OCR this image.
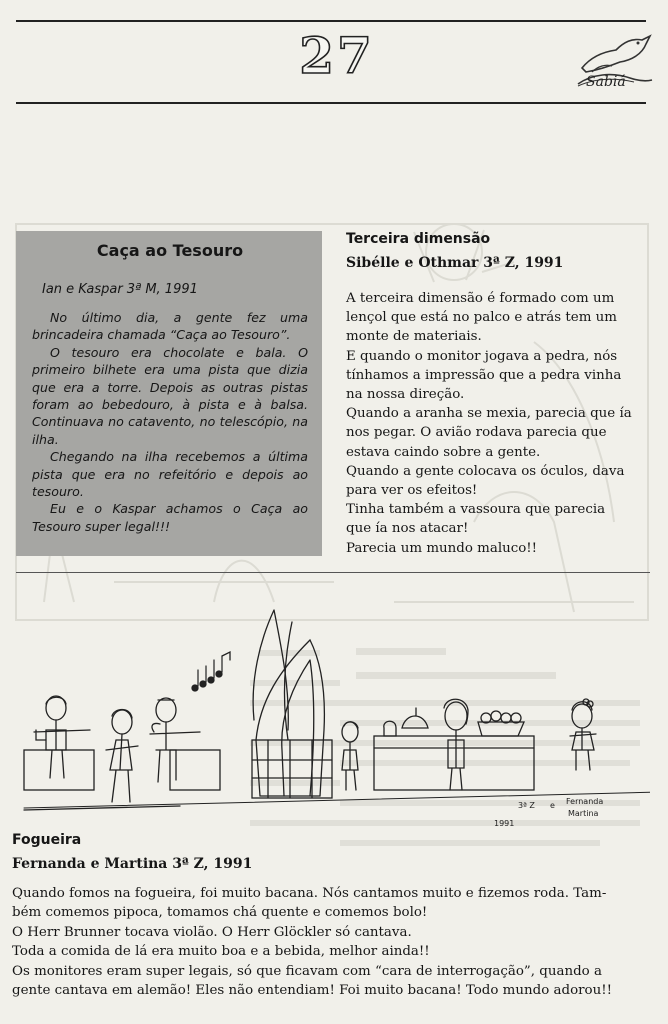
27	Sabiá

Caça ao Tesouro

Ian e Kaspar 3ª M, 1991

No último dia, a gente fez uma brincadeira chamada “Caça ao Tesouro”.

O tesouro era chocolate e bala. O primeiro bilhete era uma pista que dizia que era a torre. Depois as outras pistas foram ao bebedouro, à pista e à balsa. Continuava no catavento, no telescópio, na ilha.

Chegando na ilha recebemos a última pista que era no refeitório e depois ao tesouro.

Eu e o Kaspar achamos o Caça ao Tesouro super legal!!!

Terceira dimensão

Sibélle e Othmar 3ª Z, 1991

A terceira dimensão é formado com um

lençol que está no palco e atrás tem um

monte de materiais.

E quando o monitor jogava a pedra, nós

tínhamos a impressão que a pedra vinha

na nossa direção.

Quando a aranha se mexia, parecia que ía

nos pegar. O avião rodava parecia que

estava caindo sobre a gente.

Quando a gente colocava os óculos, dava

para ver os efeitos!

Tinha também a vassoura que parecia

que ía nos atacar!

Parecia um mundo maluco!!

3ª Z
1991
e Fernanda
Martina

Fogueira

Fernanda e Martina 3ª Z, 1991

Quando fomos na fogueira, foi muito bacana. Nós cantamos muito e fizemos roda. Tam-

bém comemos pipoca, tomamos chá quente e comemos bolo!

O Herr Brunner tocava violão. O Herr Glöckler só cantava.

Toda a comida de lá era muito boa e a bebida, melhor ainda!!

Os monitores eram super legais, só que ficavam com “cara de interrogação”, quando a

gente cantava em alemão! Eles não entendiam! Foi muito bacana! Todo mundo adorou!!
